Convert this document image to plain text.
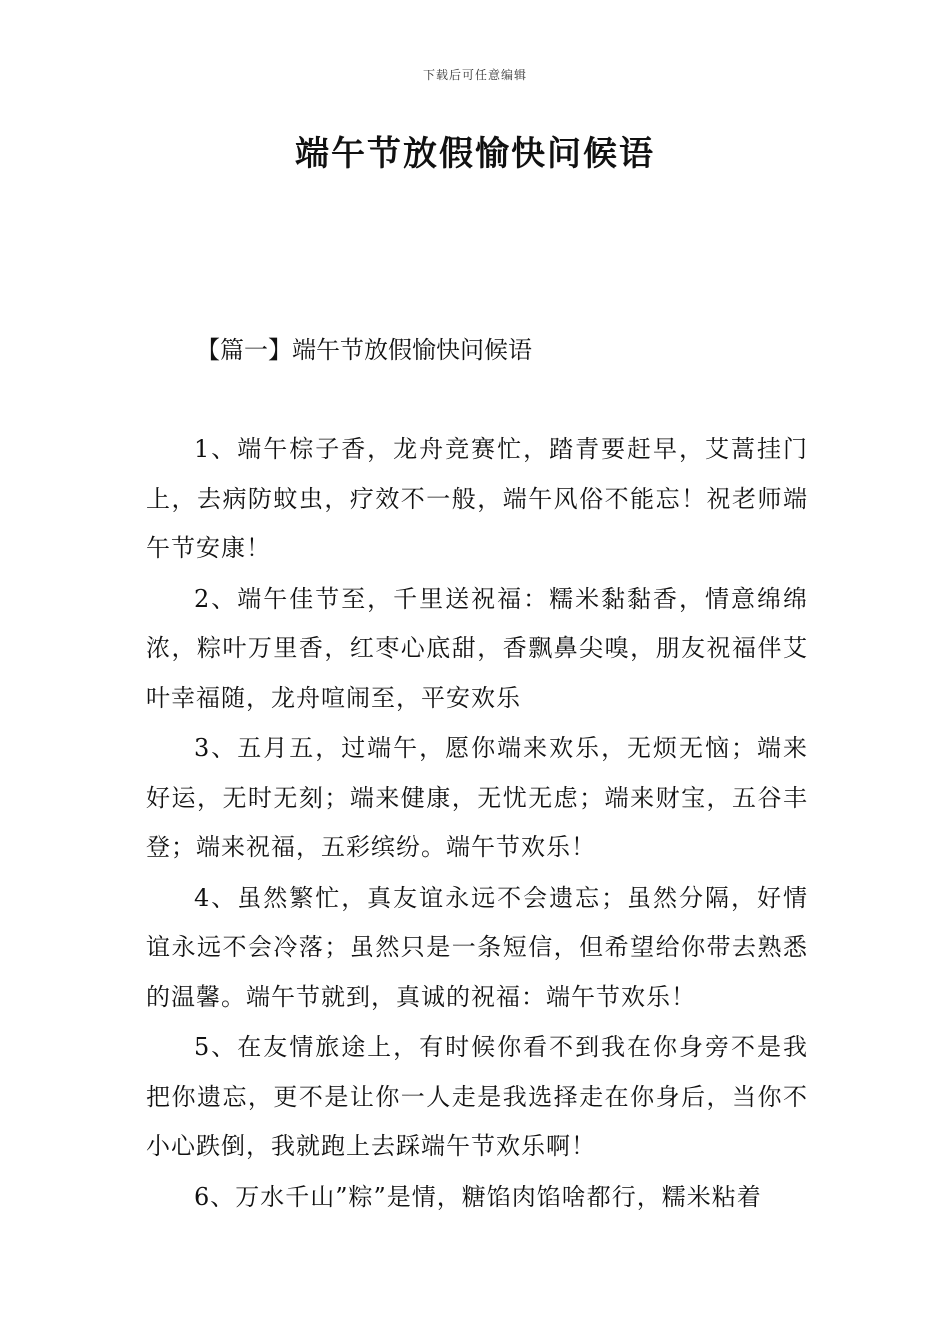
下载后可任意编辑
端午节放假愉快问候语
【篇一】端午节放假愉快问候语

1、端午棕子香，龙舟竞赛忙，踏青要赶早，艾蒿挂门上，去病防蚊虫，疗效不一般，端午风俗不能忘！祝老师端午节安康！

2、端午佳节至，千里送祝福：糯米黏黏香，情意绵绵浓，粽叶万里香，红枣心底甜，香飘鼻尖嗅，朋友祝福伴艾叶幸福随，龙舟喧闹至，平安欢乐

3、五月五，过端午，愿你端来欢乐，无烦无恼；端来好运，无时无刻；端来健康，无忧无虑；端来财宝，五谷丰登；端来祝福，五彩缤纷。端午节欢乐！

4、虽然繁忙，真友谊永远不会遗忘；虽然分隔，好情谊永远不会冷落；虽然只是一条短信，但希望给你带去熟悉的温馨。端午节就到，真诚的祝福：端午节欢乐！

5、在友情旅途上，有时候你看不到我在你身旁不是我把你遗忘，更不是让你一人走是我选择走在你身后，当你不小心跌倒，我就跑上去踩端午节欢乐啊！

6、万水千山”粽”是情，糖馅肉馅啥都行，糯米粘着
